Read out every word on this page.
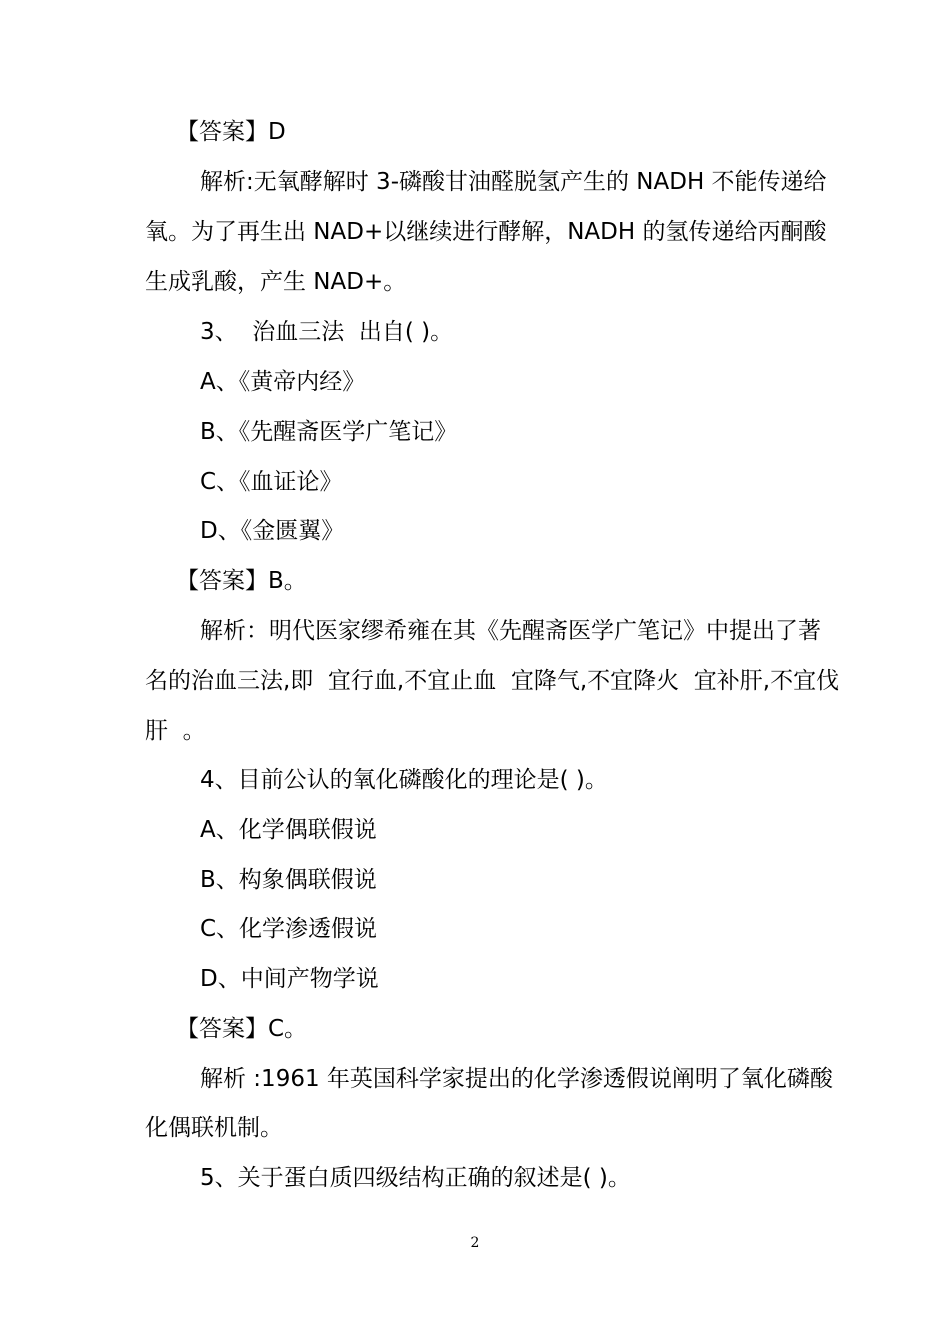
【答案】D
解析:无氧酵解时 3-磷酸甘油醛脱氢产生的 NADH 不能传递给
氧。为了再生出 NAD+以继续进行酵解，NADH 的氢传递给丙酮酸
生成乳酸，产生 NAD+。
3、  治血三法  出自( )。
A、《黄帝内经》
B、《先醒斋医学广笔记》
C、《血证论》
D、《金匮翼》
【答案】B。
解析：明代医家缪希雍在其《先醒斋医学广笔记》中提出了著
名的治血三法,即  宜行血,不宜止血  宜降气,不宜降火  宜补肝,不宜伐
肝  。
4、目前公认的氧化磷酸化的理论是( )。
A、化学偶联假说
B、构象偶联假说
C、化学渗透假说
D、中间产物学说
【答案】C。
解析 :1961 年英国科学家提出的化学渗透假说阐明了氧化磷酸
化偶联机制。
5、关于蛋白质四级结构正确的叙述是( )。
2
